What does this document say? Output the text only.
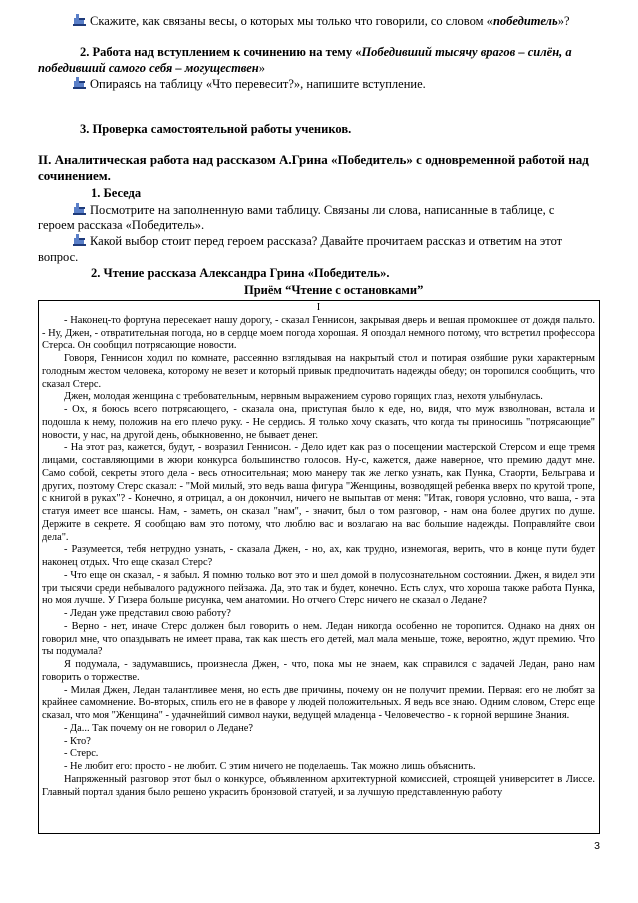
Скажите, как связаны весы, о которых мы только что говорили, со словом «победитель»?
2. Работа над вступлением к сочинению на тему «Победивший тысячу врагов – силён, а
победивший самого себя – могуществен»
Опираясь на таблицу «Что перевесит?», напишите вступление.
3. Проверка самостоятельной работы учеников.
II. Аналитическая работа над рассказом А.Грина «Победитель» с одновременной работой над
сочинением.
1. Беседа
Посмотрите на заполненную вами таблицу. Связаны ли слова, написанные в таблице, с
героем рассказа «Победитель».
Какой выбор стоит перед героем рассказа? Давайте прочитаем рассказ и ответим на этот
вопрос.
2. Чтение рассказа Александра Грина «Победитель».
Приём “Чтение с остановками”

I

- Наконец-то фортуна пересекает нашу дорогу, - сказал Геннисон, закрывая дверь и вешая промокшее от дождя пальто. - Ну, Джен, - отвратительная погода, но в сердце моем погода хорошая. Я опоздал немного потому, что встретил профессора Стерса. Он сообщил потрясающие новости.

Говоря, Геннисон ходил по комнате, рассеянно взглядывая на накрытый стол и потирая озябшие руки характерным голодным жестом человека, которому не везет и который привык предпочитать надежды обеду; он торопился сообщить, что сказал Стерс.

Джен, молодая женщина с требовательным, нервным выражением сурово горящих глаз, нехотя улыбнулась.

- Ох, я боюсь всего потрясающего, - сказала она, приступая было к еде, но, видя, что муж взволнован, встала и подошла к нему, положив на его плечо руку. - Не сердись. Я только хочу сказать, что когда ты приносишь "потрясающие" новости, у нас, на другой день, обыкновенно, не бывает денег.

- На этот раз, кажется, будут, - возразил Геннисон. - Дело идет как раз о посещении мастерской Стерсом и еще тремя лицами, составляющими в жюри конкурса большинство голосов. Ну-с, кажется, даже наверное, что премию дадут мне. Само собой, секреты этого дела - весь относительная; мою манеру так же легко узнать, как Пунка, Стаорти, Бельграва и других, поэтому Стерс сказал: - "Мой милый, это ведь ваша фигура "Женщины, возводящей ребенка вверх по крутой тропе, с книгой в руках"? - Конечно, я отрицал, а он докончил, ничего не выпытав от меня: "Итак, говоря условно, что вашa, - эта статуя имеет все шансы. Нам, - заметь, он сказал "нам", - значит, был о том разговор, - нам она более других по душе. Держите в секрете. Я сообщаю вам это потому, что люблю вас и возлагаю на вас большие надежды. Поправляйте свои дела".

- Разумеется, тебя нетрудно узнать, - сказала Джен, - но, ах, как трудно, изнемогая, верить, что в конце пути будет наконец отдых. Что еще сказал Стерс?

- Что еще он сказал, - я забыл. Я помню только вот это и шел домой в полусознательном состоянии. Джен, я видел эти три тысячи среди небывалого радужного пейзажа. Да, это так и будет, конечно. Есть слух, что хороша также работа Пунка, но моя лучше. У Гизера больше рисунка, чем анатомии. Но отчего Стерс ничего не сказал о Ледане?

- Ледан уже представил свою работу?

- Верно - нет, иначе Стерс должен был говорить о нем. Ледан никогда особенно не торопится. Однако на днях он говорил мне, что опаздывать не имеет права, так как шесть его детей, мал мала меньше, тоже, вероятно, ждут премию. Что ты подумала?

Я подумала, - задумавшись, произнесла Джен, - что, пока мы не знаем, как справился с задачей Ледан, рано нам говорить о торжестве.

- Милая Джен, Ледан талантливее меня, но есть две причины, почему он не получит премии. Первая: его не любят за крайнее самомнение. Во-вторых, спиль его не в фаворе у людей положительных. Я ведь все знаю. Одним словом, Стерс еще сказал, что моя "Женщина" - удачнейший символ науки, ведущей младенца - Человечество - к горной вершине Знания.

- Да... Так почему он не говорил о Ледане?

- Кто?

- Стерс.

- Не любит его: просто - не любит. С этим ничего не поделаешь. Так можно лишь объяснить.

Напряженный разговор этот был о конкурсе, объявленном архитектурной комиссией, строящей университет в Лиссе. Главный портал здания было решено украсить бронзовой статуей, и за лучшую представленную работу

3
